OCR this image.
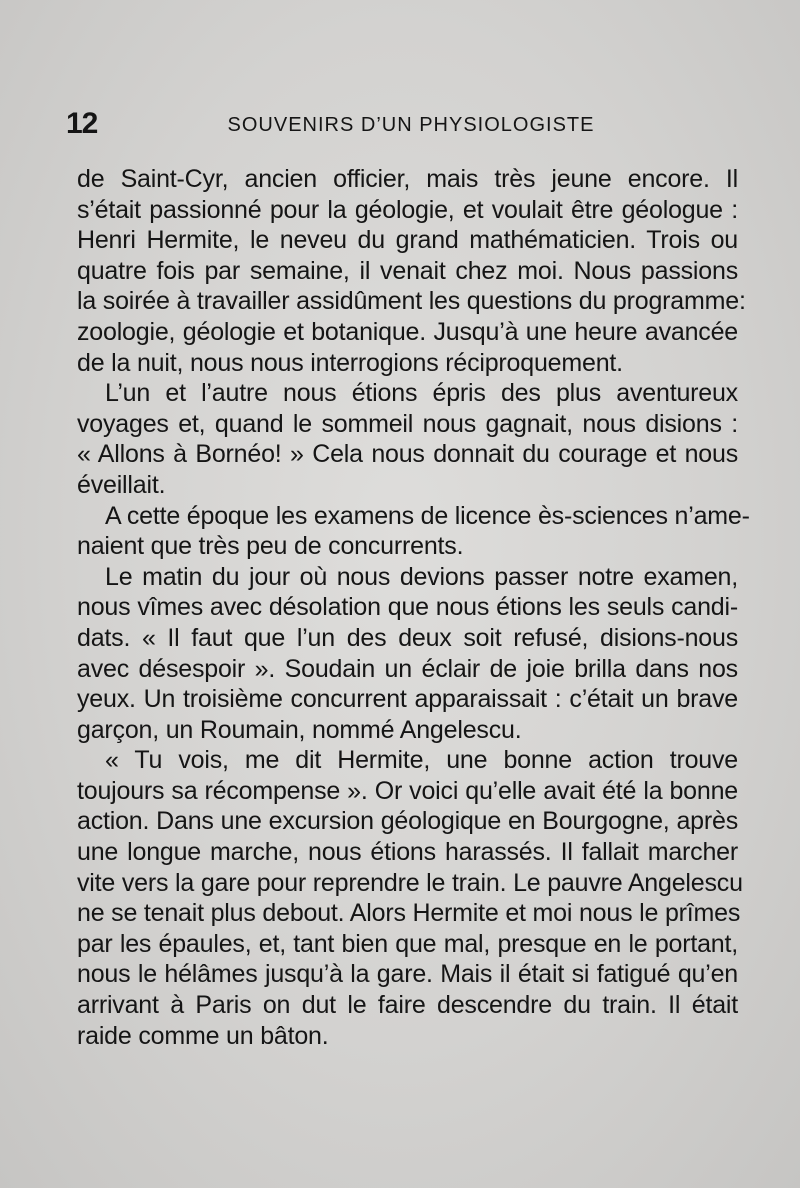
12	SOUVENIRS D’UN PHYSIOLOGISTE
de Saint-Cyr, ancien officier, mais très jeune encore. Il
s’était passionné pour la géologie, et voulait être géologue :
Henri Hermite, le neveu du grand mathématicien. Trois ou
quatre fois par semaine, il venait chez moi. Nous passions
la soirée à travailler assidûment les questions du programme:
zoologie, géologie et botanique. Jusqu’à une heure avancée
de la nuit, nous nous interrogions réciproquement.
L’un et l’autre nous étions épris des plus aventureux
voyages et, quand le sommeil nous gagnait, nous disions :
« Allons à Bornéo! » Cela nous donnait du courage et nous
éveillait.
A cette époque les examens de licence ès-sciences n’ame-
naient que très peu de concurrents.
Le matin du jour où nous devions passer notre examen,
nous vîmes avec désolation que nous étions les seuls candi-
dats. « Il faut que l’un des deux soit refusé, disions-nous
avec désespoir ». Soudain un éclair de joie brilla dans nos
yeux. Un troisième concurrent apparaissait : c’était un brave
garçon, un Roumain, nommé Angelescu.
« Tu vois, me dit Hermite, une bonne action trouve
toujours sa récompense ». Or voici qu’elle avait été la bonne
action. Dans une excursion géologique en Bourgogne, après
une longue marche, nous étions harassés. Il fallait marcher
vite vers la gare pour reprendre le train. Le pauvre Angelescu
ne se tenait plus debout. Alors Hermite et moi nous le prîmes
par les épaules, et, tant bien que mal, presque en le portant,
nous le hélâmes jusqu’à la gare. Mais il était si fatigué qu’en
arrivant à Paris on dut le faire descendre du train. Il était
raide comme un bâton.
